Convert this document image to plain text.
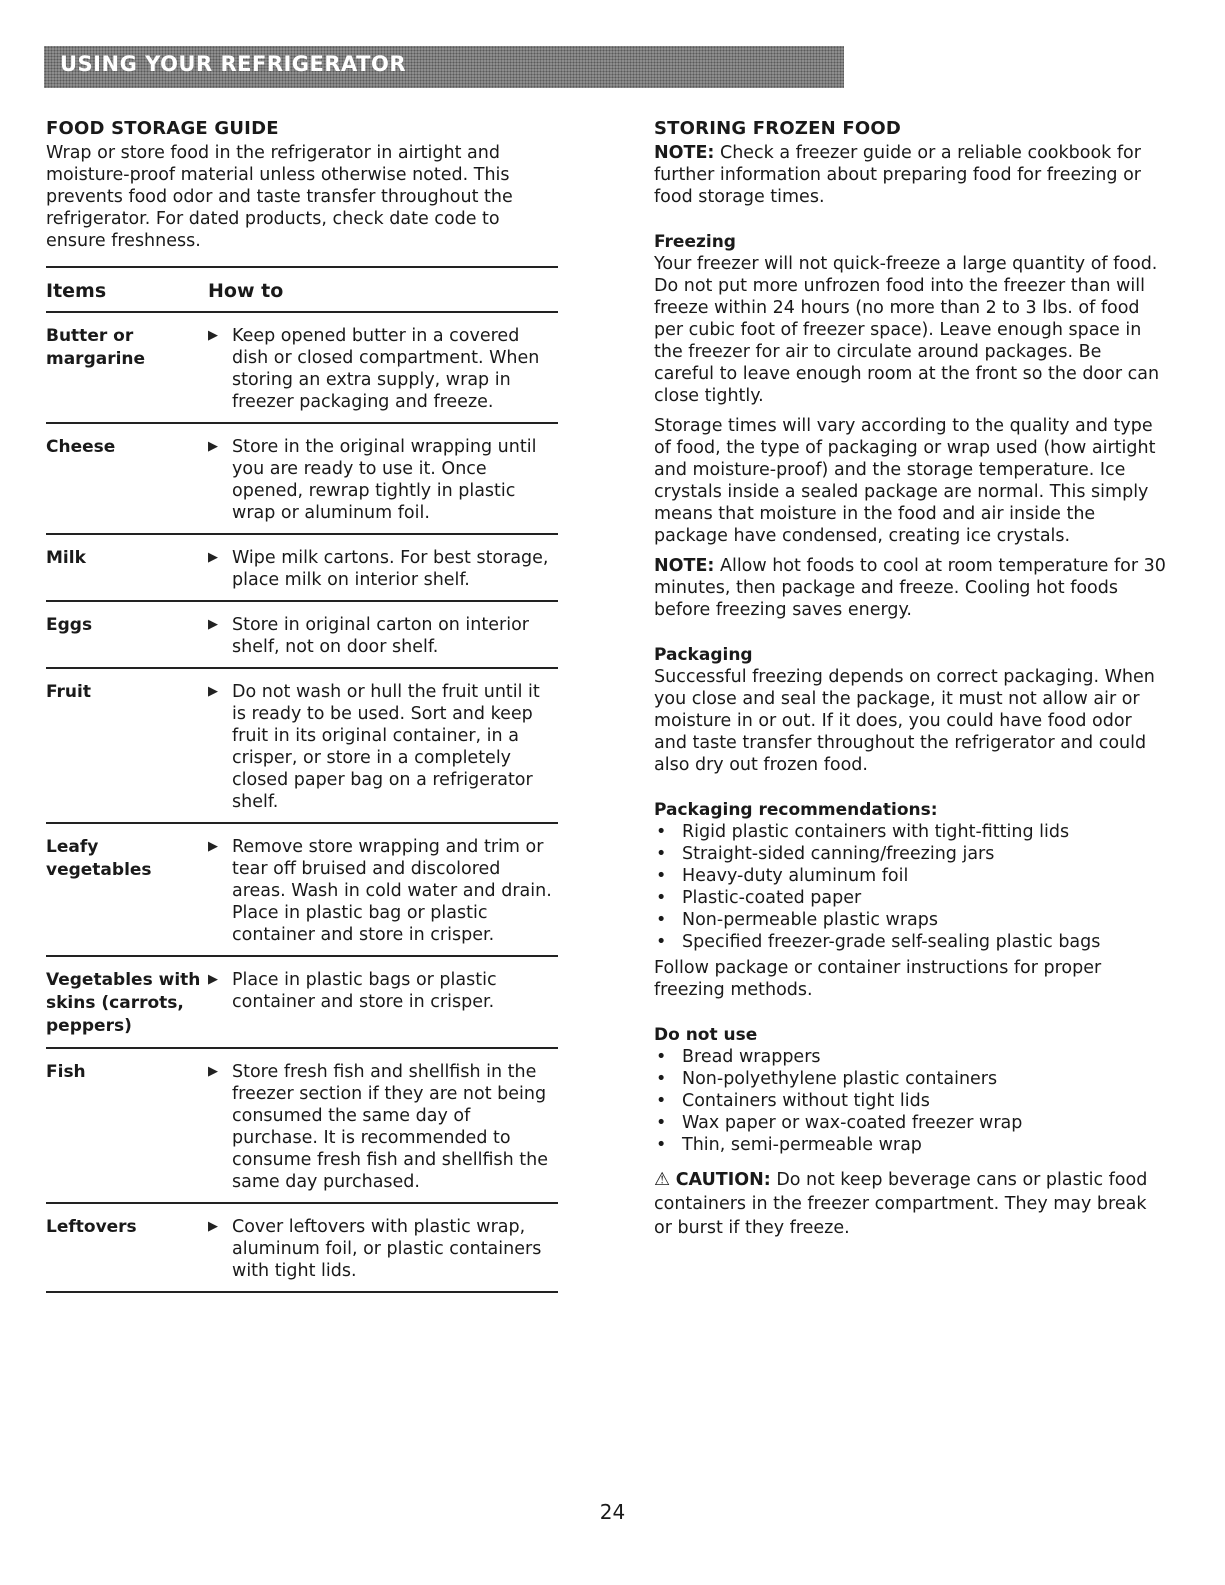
USING YOUR REFRIGERATOR
FOOD STORAGE GUIDE

Wrap or store food in the refrigerator in airtight and moisture-proof material unless otherwise noted. This prevents food odor and taste transfer throughout the refrigerator. For dated products, check date code to ensure freshness.

Items	How to
Butter or margarine	▶ Keep opened butter in a covered dish or closed compartment. When storing an extra supply, wrap in freezer packaging and freeze.

Cheese	▶ Store in the original wrapping until you are ready to use it. Once opened, rewrap tightly in plastic wrap or aluminum foil.

Milk	▶ Wipe milk cartons. For best storage, place milk on interior shelf.

Eggs	▶ Store in original carton on interior shelf, not on door shelf.

Fruit	▶ Do not wash or hull the fruit until it is ready to be used. Sort and keep fruit in its original container, in a crisper, or store in a completely closed paper bag on a refrigerator shelf.

Leafy vegetables	▶ Remove store wrapping and trim or tear off bruised and discolored areas. Wash in cold water and drain. Place in plastic bag or plastic container and store in crisper.

Vegetables with skins (carrots, peppers)	▶ Place in plastic bags or plastic container and store in crisper.

Fish	▶ Store fresh fish and shellfish in the freezer section if they are not being consumed the same day of purchase. It is recommended to consume fresh fish and shellfish the same day purchased.

Leftovers	▶ Cover leftovers with plastic wrap, aluminum foil, or plastic containers with tight lids.
STORING FROZEN FOOD

NOTE: Check a freezer guide or a reliable cookbook for further information about preparing food for freezing or food storage times.

Freezing

Your freezer will not quick-freeze a large quantity of food. Do not put more unfrozen food into the freezer than will freeze within 24 hours (no more than 2 to 3 lbs. of food per cubic foot of freezer space). Leave enough space in the freezer for air to circulate around packages. Be careful to leave enough room at the front so the door can close tightly.

Storage times will vary according to the quality and type of food, the type of packaging or wrap used (how airtight and moisture-proof) and the storage temperature. Ice crystals inside a sealed package are normal. This simply means that moisture in the food and air inside the package have condensed, creating ice crystals.

NOTE: Allow hot foods to cool at room temperature for 30 minutes, then package and freeze. Cooling hot foods before freezing saves energy.

Packaging

Successful freezing depends on correct packaging. When you close and seal the package, it must not allow air or moisture in or out. If it does, you could have food odor and taste transfer throughout the refrigerator and could also dry out frozen food.

Packaging recommendations:
• Rigid plastic containers with tight-fitting lids
• Straight-sided canning/freezing jars
• Heavy-duty aluminum foil
• Plastic-coated paper
• Non-permeable plastic wraps
• Specified freezer-grade self-sealing plastic bags

Follow package or container instructions for proper freezing methods.

Do not use
• Bread wrappers
• Non-polyethylene plastic containers
• Containers without tight lids
• Wax paper or wax-coated freezer wrap
• Thin, semi-permeable wrap

⚠ CAUTION: Do not keep beverage cans or plastic food containers in the freezer compartment. They may break or burst if they freeze.

24
